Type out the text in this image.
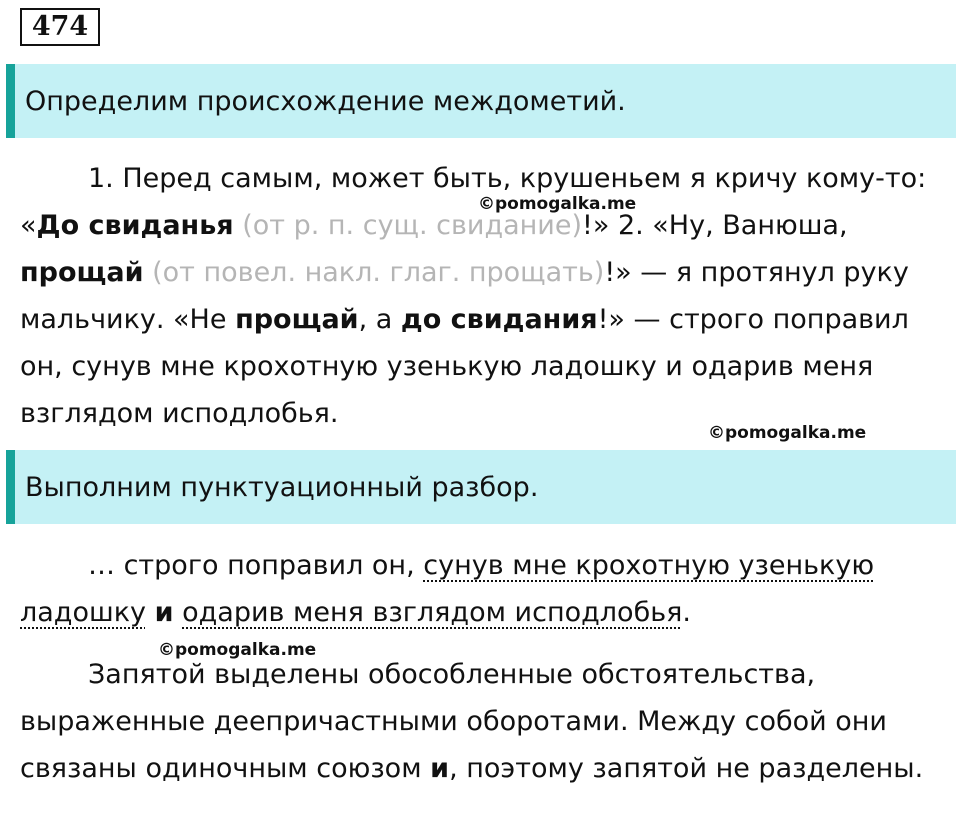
474
Определим происхождение междометий.

1. Перед самым, может быть, крушеньем я кричу кому-то: «До свиданья (от р. п. сущ. свидание)!» 2. «Ну, Ванюша, прощай (от повел. накл. глаг. прощать)!» — я протянул руку мальчику. «Не прощай, а до свидания!» — строго поправил он, сунув мне крохотную узенькую ладошку и одарив меня взглядом исподлобья.

©pomogalka.me
©pomogalka.me
Выполним пунктуационный разбор.

… строго поправил он, сунув мне крохотную узенькую ладошку и одарив меня взглядом исподлобья.

©pomogalka.me

Запятой выделены обособленные обстоятельства, выраженные деепричастными оборотами. Между собой они связаны одиночным союзом и, поэтому запятой не разделены.
